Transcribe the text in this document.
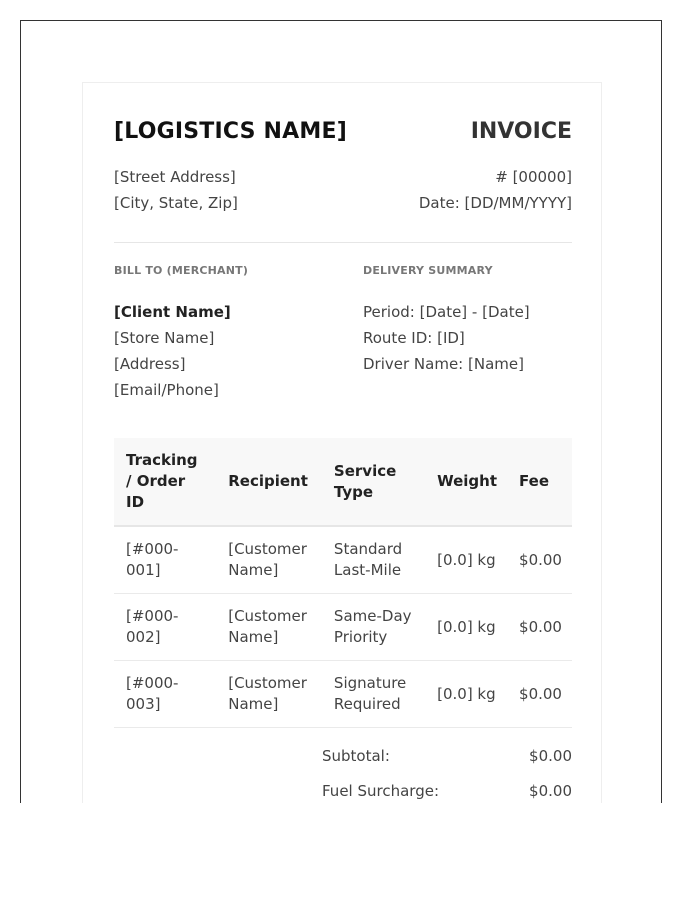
[LOGISTICS NAME]	INVOICE
[Street Address]
[City, State, Zip]
# [00000]
Date: [DD/MM/YYYY]
BILL TO (MERCHANT)
[Client Name]
[Store Name]
[Address]
[Email/Phone]
DELIVERY SUMMARY
Period: [Date] - [Date]
Route ID: [ID]
Driver Name: [Name]
Tracking / Order ID	Recipient	Service Type	Weight	Fee
[#000-001]	[Customer Name]	Standard Last-Mile	[0.0] kg	$0.00
[#000-002]	[Customer Name]	Same-Day Priority	[0.0] kg	$0.00
[#000-003]	[Customer Name]	Signature Required	[0.0] kg	$0.00
Subtotal:	$0.00
Fuel Surcharge:	$0.00
